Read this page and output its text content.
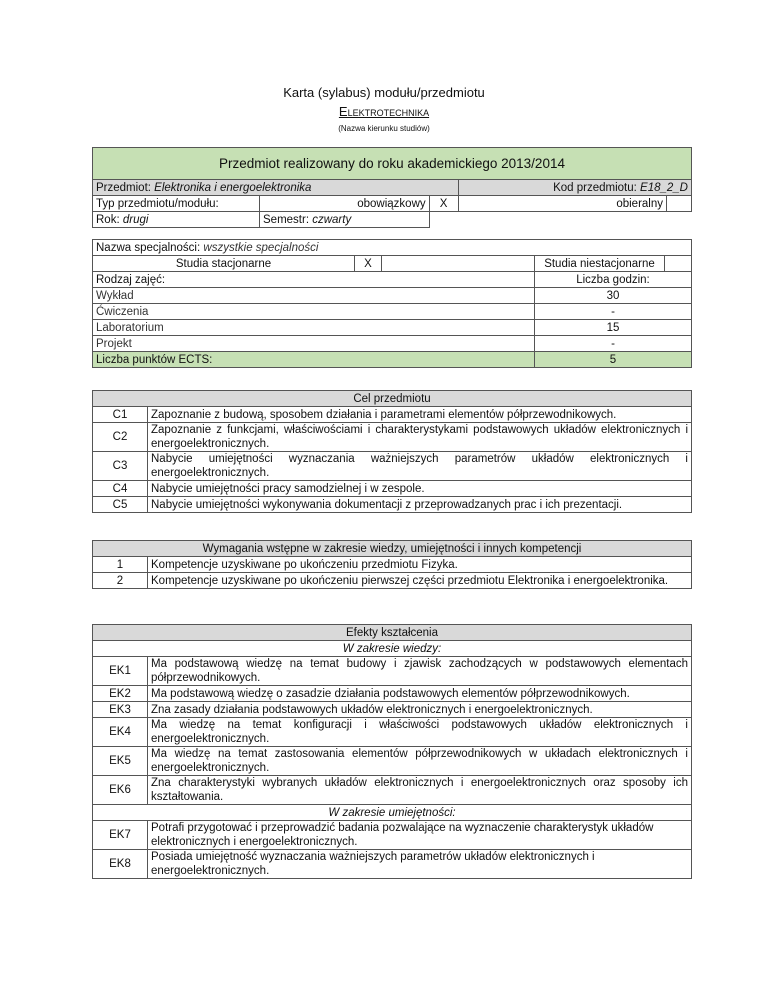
Karta (sylabus) modułu/przedmiotu
Elektrotechnika
(Nazwa kierunku studiów)
Przedmiot realizowany do roku akademickiego 2013/2014				
Przedmiot: Elektronika i energoelektronika			Kod przedmiotu: E18_2_D	
Typ przedmiotu/modułu:	obowiązkowy	X	obieralny	
Rok: drugi	Semestr: czwarty			
Nazwa specjalności: wszystkie specjalności				
Studia stacjonarne	X		Studia niestacjonarne	
Rodzaj zajęć:			Liczba godzin:	
Wykład			30	
Ćwiczenia			-	
Laboratorium			15	
Projekt			-	
Liczba punktów ECTS:			5	
Cel przedmiotu	
C1	Zapoznanie z budową, sposobem działania i parametrami elementów półprzewodnikowych.
C2	Zapoznanie z funkcjami, właściwościami i charakterystykami podstawowych układów elektronicznych i energoelektronicznych.
C3	Nabycie umiejętności wyznaczania ważniejszych parametrów układów elektronicznych i energoelektronicznych.
C4	Nabycie umiejętności pracy samodzielnej i w zespole.
C5	Nabycie umiejętności wykonywania dokumentacji z przeprowadzanych prac i ich prezentacji.
Wymagania wstępne w zakresie wiedzy, umiejętności i innych kompetencji	
1	Kompetencje uzyskiwane po ukończeniu przedmiotu Fizyka.
2	Kompetencje uzyskiwane po ukończeniu pierwszej części przedmiotu Elektronika i energoelektronika.
Efekty kształcenia	
W zakresie wiedzy:	
EK1	Ma podstawową wiedzę na temat budowy i zjawisk zachodzących w podstawowych elementach półprzewodnikowych.
EK2	Ma podstawową wiedzę o zasadzie działania podstawowych elementów półprzewodnikowych.
EK3	Zna zasady działania podstawowych układów elektronicznych i energoelektronicznych.
EK4	Ma wiedzę na temat konfiguracji i właściwości podstawowych układów elektronicznych i energoelektronicznych.
EK5	Ma wiedzę na temat zastosowania elementów półprzewodnikowych w układach elektronicznych i energoelektronicznych.
EK6	Zna charakterystyki wybranych układów elektronicznych i energoelektronicznych oraz sposoby ich kształtowania.
W zakresie umiejętności:	
EK7	Potrafi przygotować i przeprowadzić badania pozwalające na wyznaczenie charakterystyk układów elektronicznych i energoelektronicznych.
EK8	Posiada umiejętność wyznaczania ważniejszych parametrów układów elektronicznych i energoelektronicznych.
